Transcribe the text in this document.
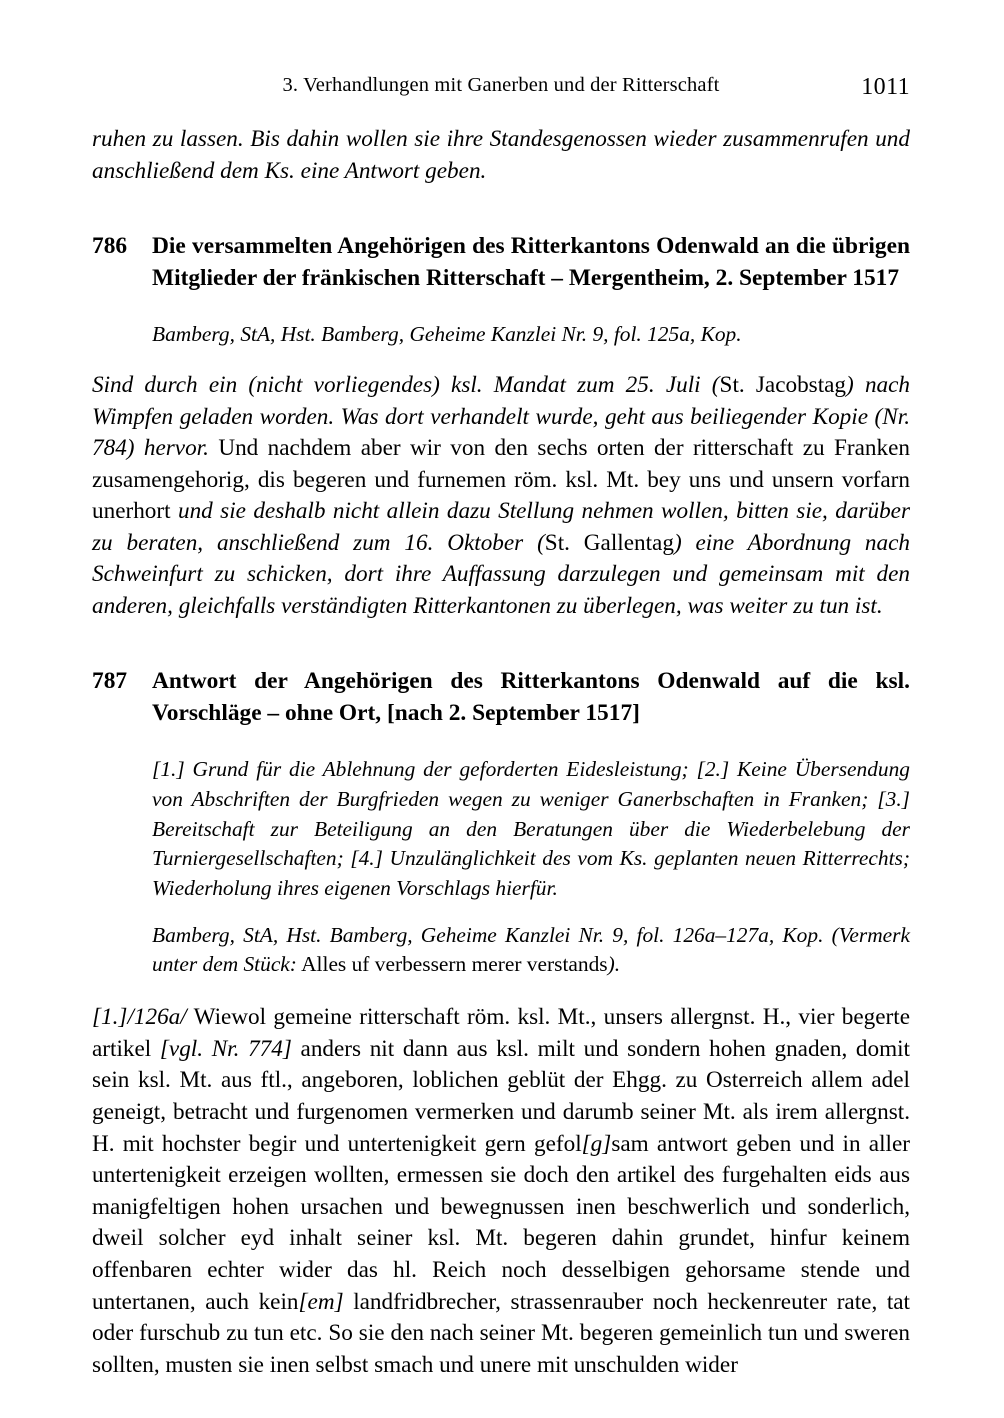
3. Verhandlungen mit Ganerben und der Ritterschaft	1011

ruhen zu lassen. Bis dahin wollen sie ihre Standesgenossen wieder zusammenrufen und anschließend dem Ks. eine Antwort geben.

786 Die versammelten Angehörigen des Ritterkantons Odenwald an die übrigen Mitglieder der fränkischen Ritterschaft – Mergentheim, 2. September 1517

Bamberg, StA, Hst. Bamberg, Geheime Kanzlei Nr. 9, fol. 125a, Kop.

Sind durch ein (nicht vorliegendes) ksl. Mandat zum 25. Juli (St. Jacobstag) nach Wimpfen geladen worden. Was dort verhandelt wurde, geht aus beiliegender Kopie (Nr. 784) hervor. Und nachdem aber wir von den sechs orten der ritterschaft zu Franken zusamengehorig, dis begeren und furnemen röm. ksl. Mt. bey uns und unsern vorfarn unerhort und sie deshalb nicht allein dazu Stellung nehmen wollen, bitten sie, darüber zu beraten, anschließend zum 16. Oktober (St. Gallentag) eine Abordnung nach Schweinfurt zu schicken, dort ihre Auffassung darzulegen und gemeinsam mit den anderen, gleichfalls verständigten Ritterkantonen zu überlegen, was weiter zu tun ist.

787 Antwort der Angehörigen des Ritterkantons Odenwald auf die ksl. Vorschläge – ohne Ort, [nach 2. September 1517]

[1.] Grund für die Ablehnung der geforderten Eidesleistung; [2.] Keine Übersendung von Abschriften der Burgfrieden wegen zu weniger Ganerbschaften in Franken; [3.] Bereitschaft zur Beteiligung an den Beratungen über die Wiederbelebung der Turniergesellschaften; [4.] Unzulänglichkeit des vom Ks. geplanten neuen Ritterrechts; Wiederholung ihres eigenen Vorschlags hierfür.

Bamberg, StA, Hst. Bamberg, Geheime Kanzlei Nr. 9, fol. 126a–127a, Kop. (Vermerk unter dem Stück: Alles uf verbessern merer verstands).

[1.]/126a/ Wiewol gemeine ritterschaft röm. ksl. Mt., unsers allergnst. H., vier begerte artikel [vgl. Nr. 774] anders nit dann aus ksl. milt und sondern hohen gnaden, domit sein ksl. Mt. aus ftl., angeboren, loblichen geblüt der Ehgg. zu Osterreich allem adel geneigt, betracht und furgenomen vermerken und darumb seiner Mt. als irem allergnst. H. mit hochster begir und untertenigkeit gern gefol[g]sam antwort geben und in aller untertenigkeit erzeigen wollten, ermessen sie doch den artikel des furgehalten eids aus manigfeltigen hohen ursachen und bewegnussen inen beschwerlich und sonderlich, dweil solcher eyd inhalt seiner ksl. Mt. begeren dahin grundet, hinfur keinem offenbaren echter wider das hl. Reich noch desselbigen gehorsame stende und untertanen, auch kein[em] landfridbrecher, strassenrauber noch heckenreuter rate, tat oder furschub zu tun etc. So sie den nach seiner Mt. begeren gemeinlich tun und sweren sollten, musten sie inen selbst smach und unere mit unschulden wider
